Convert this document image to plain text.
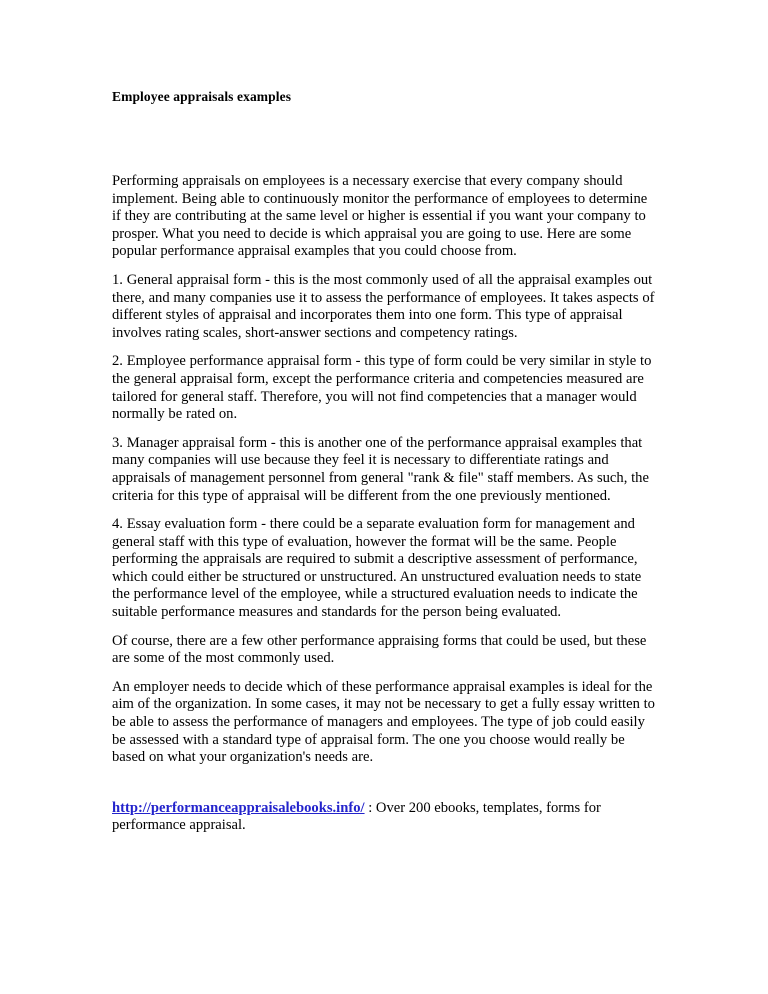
Employee appraisals examples

Performing appraisals on employees is a necessary exercise that every company should implement. Being able to continuously monitor the performance of employees to determine if they are contributing at the same level or higher is essential if you want your company to prosper. What you need to decide is which appraisal you are going to use. Here are some popular performance appraisal examples that you could choose from.

1. General appraisal form - this is the most commonly used of all the appraisal examples out there, and many companies use it to assess the performance of employees. It takes aspects of different styles of appraisal and incorporates them into one form. This type of appraisal involves rating scales, short-answer sections and competency ratings.

2. Employee performance appraisal form - this type of form could be very similar in style to the general appraisal form, except the performance criteria and competencies measured are tailored for general staff. Therefore, you will not find competencies that a manager would normally be rated on.

3. Manager appraisal form - this is another one of the performance appraisal examples that many companies will use because they feel it is necessary to differentiate ratings and appraisals of management personnel from general "rank & file" staff members. As such, the criteria for this type of appraisal will be different from the one previously mentioned.

4. Essay evaluation form - there could be a separate evaluation form for management and general staff with this type of evaluation, however the format will be the same. People performing the appraisals are required to submit a descriptive assessment of performance, which could either be structured or unstructured. An unstructured evaluation needs to state the performance level of the employee, while a structured evaluation needs to indicate the suitable performance measures and standards for the person being evaluated.

Of course, there are a few other performance appraising forms that could be used, but these are some of the most commonly used.

An employer needs to decide which of these performance appraisal examples is ideal for the aim of the organization. In some cases, it may not be necessary to get a fully essay written to be able to assess the performance of managers and employees. The type of job could easily be assessed with a standard type of appraisal form. The one you choose would really be based on what your organization's needs are.

http://performanceappraisalebooks.info/ : Over 200 ebooks, templates, forms for performance appraisal.
